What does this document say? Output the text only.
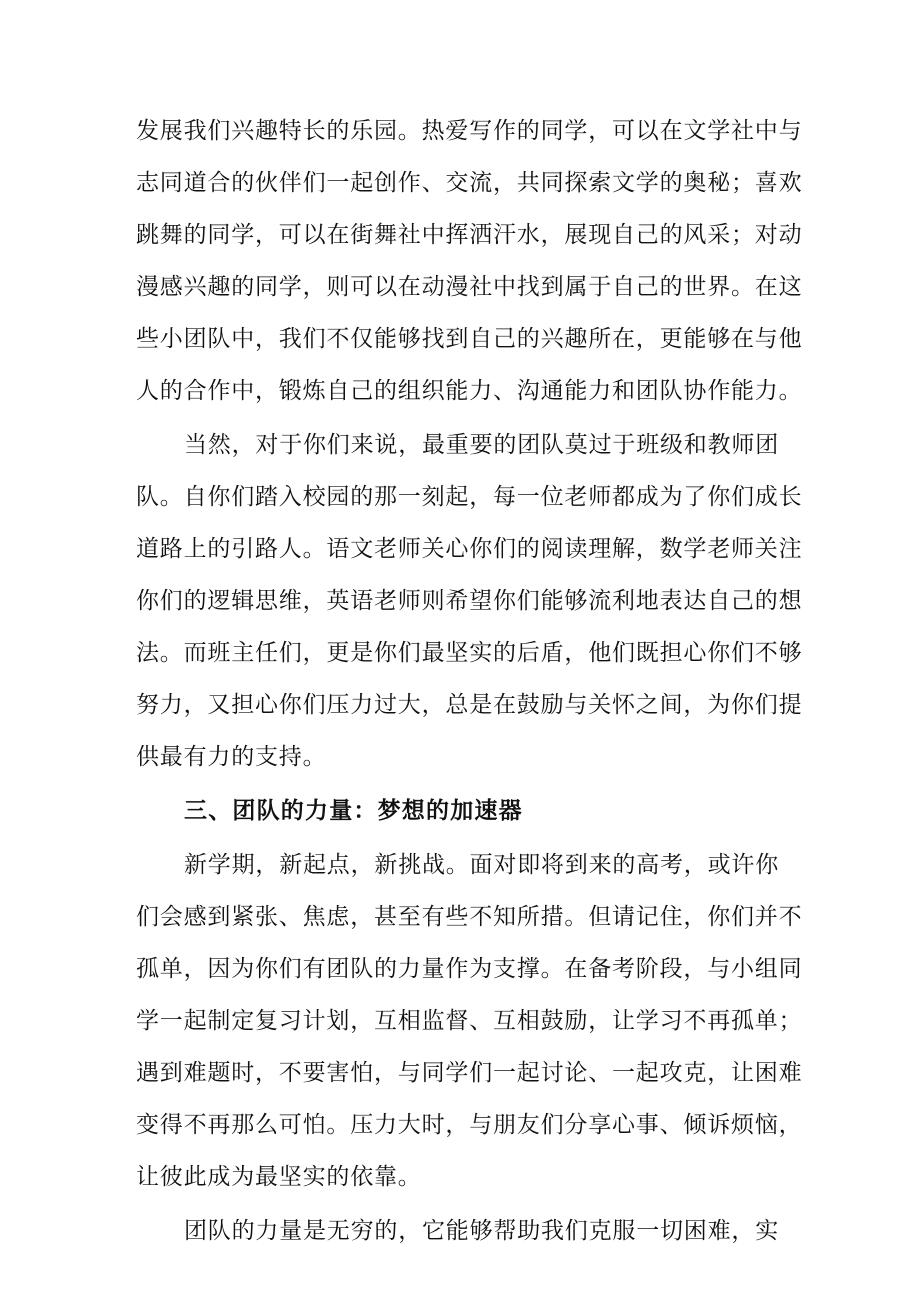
发展我们兴趣特长的乐园。热爱写作的同学，可以在文学社中与
志同道合的伙伴们一起创作、交流，共同探索文学的奥秘；喜欢
跳舞的同学，可以在街舞社中挥洒汗水，展现自己的风采；对动
漫感兴趣的同学，则可以在动漫社中找到属于自己的世界。在这
些小团队中，我们不仅能够找到自己的兴趣所在，更能够在与他
人的合作中，锻炼自己的组织能力、沟通能力和团队协作能力。
当然，对于你们来说，最重要的团队莫过于班级和教师团
队。自你们踏入校园的那一刻起，每一位老师都成为了你们成长
道路上的引路人。语文老师关心你们的阅读理解，数学老师关注
你们的逻辑思维，英语老师则希望你们能够流利地表达自己的想
法。而班主任们，更是你们最坚实的后盾，他们既担心你们不够
努力，又担心你们压力过大，总是在鼓励与关怀之间，为你们提
供最有力的支持。
三、团队的力量：梦想的加速器
新学期，新起点，新挑战。面对即将到来的高考，或许你
们会感到紧张、焦虑，甚至有些不知所措。但请记住，你们并不
孤单，因为你们有团队的力量作为支撑。在备考阶段，与小组同
学一起制定复习计划，互相监督、互相鼓励，让学习不再孤单；
遇到难题时，不要害怕，与同学们一起讨论、一起攻克，让困难
变得不再那么可怕。压力大时，与朋友们分享心事、倾诉烦恼，
让彼此成为最坚实的依靠。
团队的力量是无穷的，它能够帮助我们克服一切困难，实
